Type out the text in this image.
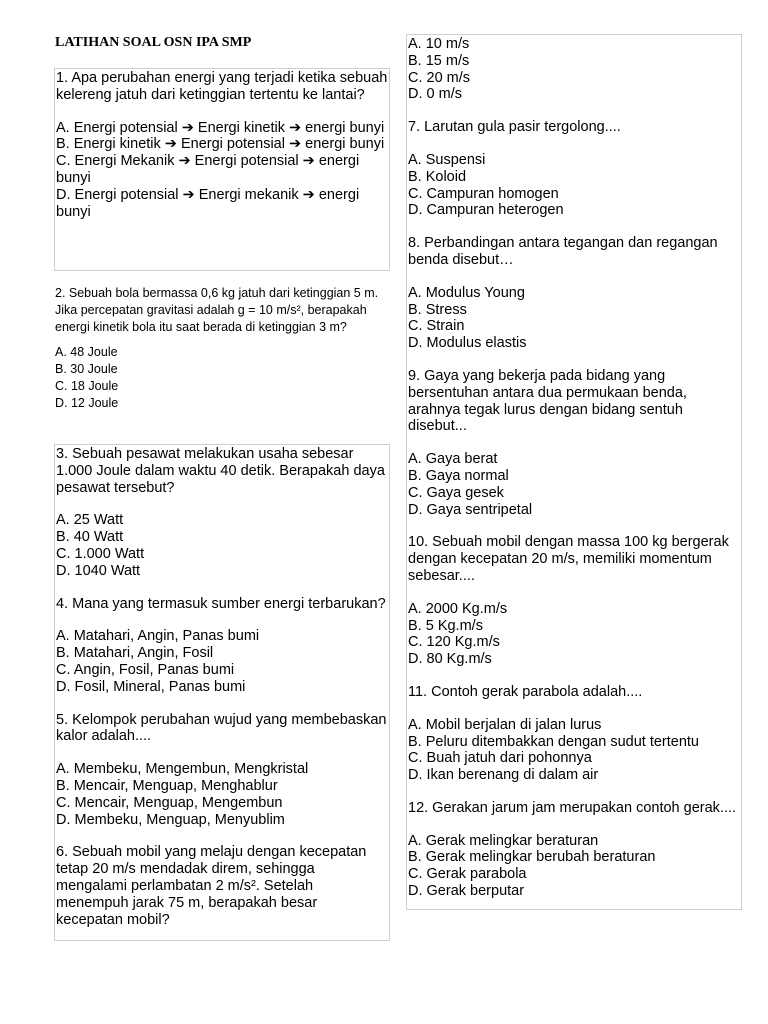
LATIHAN SOAL OSN IPA SMP

1. Apa perubahan energi yang terjadi ketika sebuah kelereng jatuh dari ketinggian tertentu ke lantai?

A. Energi potensial ➔ Energi kinetik ➔ energi bunyi
B. Energi kinetik ➔ Energi potensial ➔ energi bunyi
C. Energi Mekanik ➔ Energi potensial ➔ energi bunyi
D. Energi potensial ➔ Energi mekanik ➔ energi bunyi

2. Sebuah bola bermassa 0,6 kg jatuh dari ketinggian 5 m. Jika percepatan gravitasi adalah g = 10 m/s², berapakah energi kinetik bola itu saat berada di ketinggian 3 m?

A. 48 Joule
B. 30 Joule
C. 18 Joule
D. 12 Joule

3. Sebuah pesawat melakukan usaha sebesar 1.000 Joule dalam waktu 40 detik. Berapakah daya pesawat tersebut?

A. 25 Watt
B. 40 Watt
C. 1.000 Watt
D. 1040 Watt

4. Mana yang termasuk sumber energi terbarukan?

A. Matahari, Angin, Panas bumi
B. Matahari, Angin, Fosil
C. Angin, Fosil, Panas bumi
D. Fosil, Mineral, Panas bumi

5. Kelompok perubahan wujud yang membebaskan kalor adalah....

A. Membeku, Mengembun, Mengkristal
B. Mencair, Menguap, Menghablur
C. Mencair, Menguap, Mengembun
D. Membeku, Menguap, Menyublim

6. Sebuah mobil yang melaju dengan kecepatan tetap 20 m/s mendadak direm, sehingga mengalami perlambatan 2 m/s². Setelah menempuh jarak 75 m, berapakah besar kecepatan mobil?

A. 10 m/s
B. 15 m/s
C. 20 m/s
D. 0 m/s

7. Larutan gula pasir tergolong....

A. Suspensi
B. Koloid
C. Campuran homogen
D. Campuran heterogen

8. Perbandingan antara tegangan dan regangan benda disebut…

A. Modulus Young
B. Stress
C. Strain
D. Modulus elastis

9. Gaya yang bekerja pada bidang yang bersentuhan antara dua permukaan benda, arahnya tegak lurus dengan bidang sentuh disebut...

A. Gaya berat
B. Gaya normal
C. Gaya gesek
D. Gaya sentripetal

10. Sebuah mobil dengan massa 100 kg bergerak dengan kecepatan 20 m/s, memiliki momentum sebesar....

A. 2000 Kg.m/s
B. 5 Kg.m/s
C. 120 Kg.m/s
D. 80 Kg.m/s

11. Contoh gerak parabola adalah....

A. Mobil berjalan di jalan lurus
B. Peluru ditembakkan dengan sudut tertentu
C. Buah jatuh dari pohonnya
D. Ikan berenang di dalam air

12. Gerakan jarum jam merupakan contoh gerak....

A. Gerak melingkar beraturan
B. Gerak melingkar berubah beraturan
C. Gerak parabola
D. Gerak berputar
